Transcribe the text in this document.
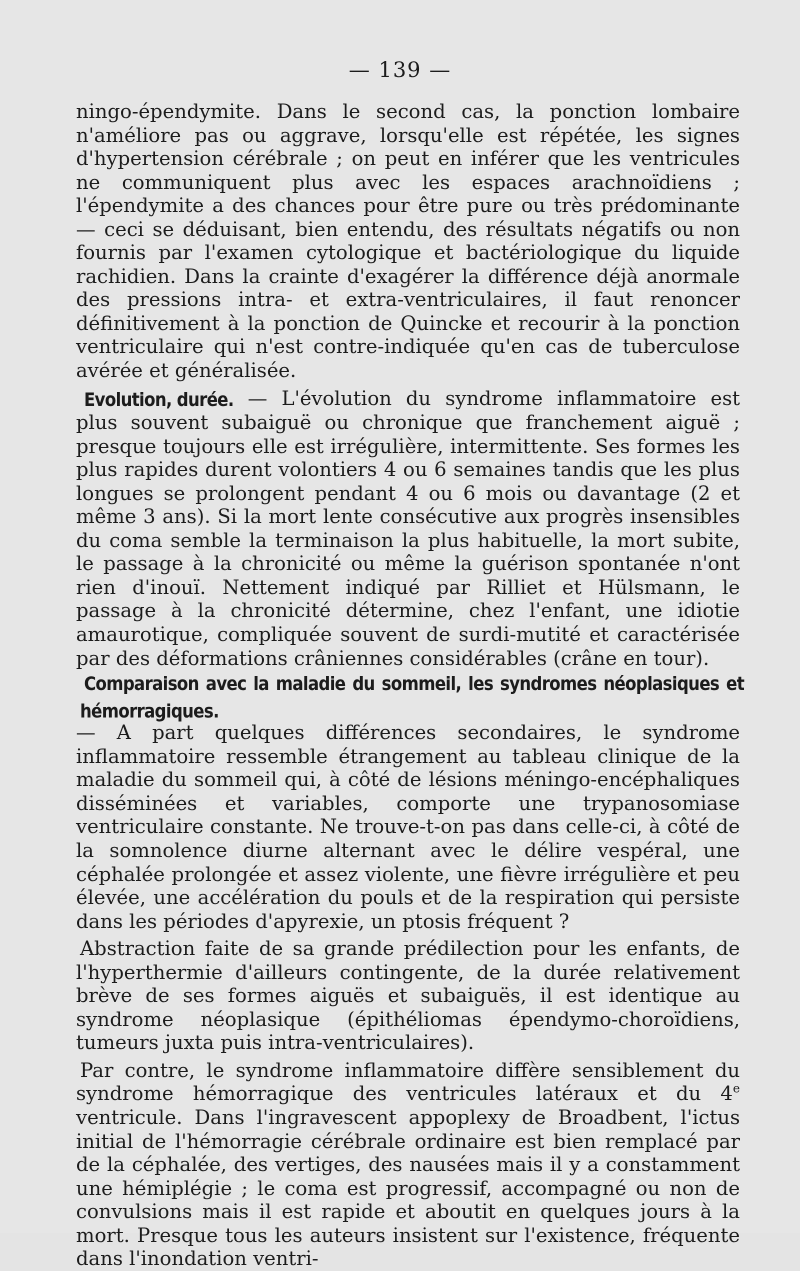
— 139 —

ningo-épendymite. Dans le second cas, la ponction lombaire n'améliore pas ou aggrave, lorsqu'elle est répétée, les signes d'hypertension cérébrale ; on peut en inférer que les ventricules ne communiquent plus avec les espaces arachnoïdiens ; l'épendymite a des chances pour être pure ou très prédominante — ceci se déduisant, bien entendu, des résultats négatifs ou non fournis par l'examen cytologique et bactériologique du liquide rachidien. Dans la crainte d'exagérer la différence déjà anormale des pressions intra- et extra-ventriculaires, il faut renoncer définitivement à la ponction de Quincke et recourir à la ponction ventriculaire qui n'est contre-indiquée qu'en cas de tuberculose avérée et généralisée.

Evolution, durée. — L'évolution du syndrome inflammatoire est plus souvent subaiguë ou chronique que franchement aiguë ; presque toujours elle est irrégulière, intermittente. Ses formes les plus rapides durent volontiers 4 ou 6 semaines tandis que les plus longues se prolongent pendant 4 ou 6 mois ou davantage (2 et même 3 ans). Si la mort lente consécutive aux progrès insensibles du coma semble la terminaison la plus habituelle, la mort subite, le passage à la chronicité ou même la guérison spontanée n'ont rien d'inouï. Nettement indiqué par Rilliet et Hülsmann, le passage à la chronicité détermine, chez l'enfant, une idiotie amaurotique, compliquée souvent de surdi-mutité et caractérisée par des déformations crâniennes considérables (crâne en tour).

Comparaison avec la maladie du sommeil, les syndromes néoplasiques et hémorragiques.— A part quelques différences secondaires, le syndrome inflammatoire ressemble étrangement au tableau clinique de la maladie du sommeil qui, à côté de lésions méningo-encéphaliques disséminées et variables, comporte une trypanosomiase ventriculaire constante. Ne trouve-t-on pas dans celle-ci, à côté de la somnolence diurne alternant avec le délire vespéral, une céphalée prolongée et assez violente, une fièvre irrégulière et peu élevée, une accélération du pouls et de la respiration qui persiste dans les périodes d'apyrexie, un ptosis fréquent ?

Abstraction faite de sa grande prédilection pour les enfants, de l'hyperthermie d'ailleurs contingente, de la durée relativement brève de ses formes aiguës et subaiguës, il est identique au syndrome néoplasique (épithéliomas épendymo-choroïdiens, tumeurs juxta puis intra-ventriculaires).

Par contre, le syndrome inflammatoire diffère sensiblement du syndrome hémorragique des ventricules latéraux et du 4e ventricule. Dans l'ingravescent appoplexy de Broadbent, l'ictus initial de l'hémorragie cérébrale ordinaire est bien remplacé par de la céphalée, des vertiges, des nausées mais il y a constamment une hémiplégie ; le coma est progressif, accompagné ou non de convulsions mais il est rapide et aboutit en quelques jours à la mort. Presque tous les auteurs insistent sur l'existence, fréquente dans l'inondation ventri-
